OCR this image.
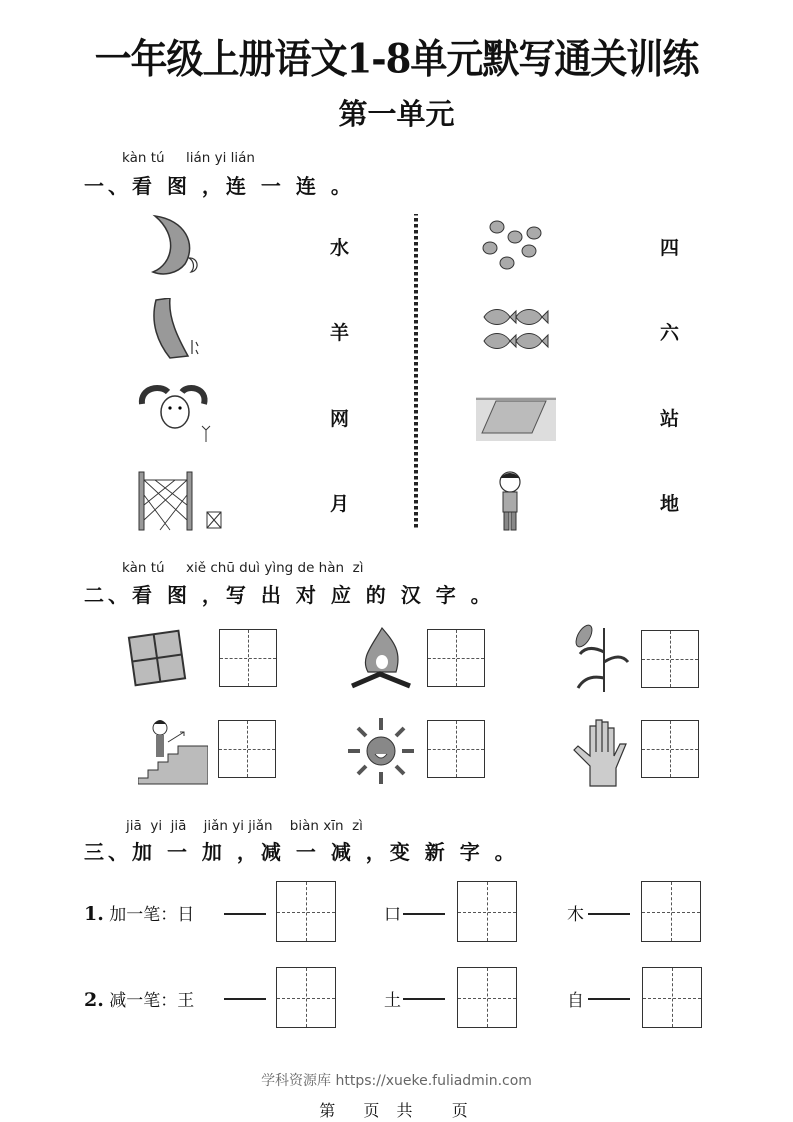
一年级上册语文1-8单元默写通关训练
第一单元
kàn tú     lián yi lián
一、看 图 ，连 一 连 。
水
羊
网
月
四
六
站
地
kàn tú     xiě chū duì yìng de hàn  zì
二、看 图 ，写 出 对 应 的 汉 字 。
jiā  yi  jiā    jiǎn yi jiǎn    biàn xīn  zì
三、加 一 加 ，减 一 减 ，变 新 字 。
1. 加一笔：日	口	木
2. 减一笔：王	土	自
学科资源库 https://xueke.fuliadmin.com
第  页 共   页
